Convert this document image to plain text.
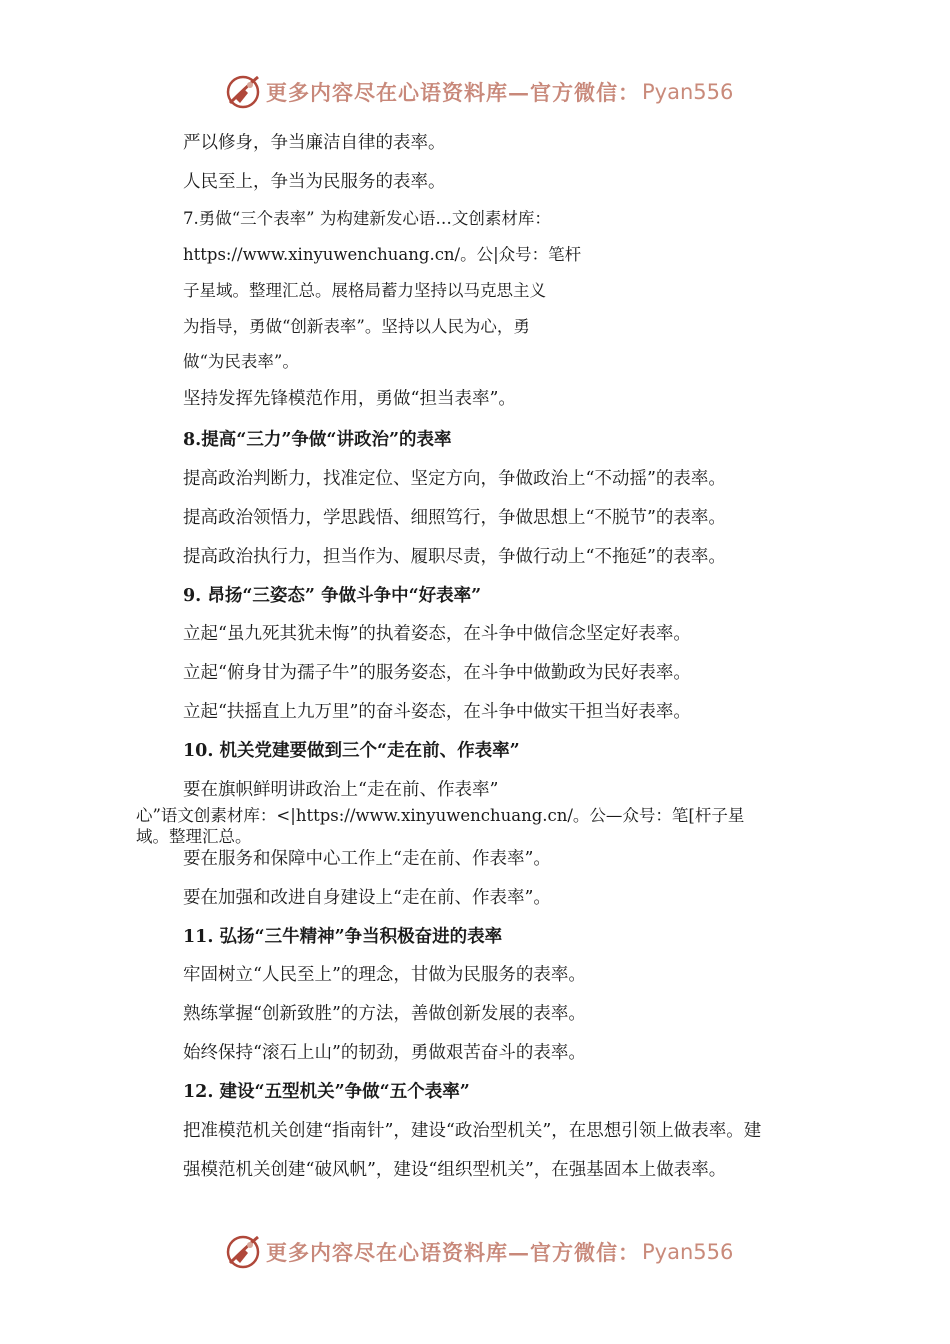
更多内容尽在心语资料库—官方微信： Pyan556
严以修身，争当廉洁自律的表率。
人民至上，争当为民服务的表率。
7.勇做“三个表率” 为构建新发心语…文创素材库：
https://www.xinyuwenchuang.cn/。公|众号：笔杆
子星域。整理汇总。展格局蓄力坚持以马克思主义
为指导，勇做“创新表率”。坚持以人民为心，勇
做“为民表率”。
坚持发挥先锋模范作用，勇做“担当表率”。
8.提高“三力”争做“讲政治”的表率
提高政治判断力，找准定位、坚定方向，争做政治上“不动摇”的表率。
提高政治领悟力，学思践悟、细照笃行，争做思想上“不脱节”的表率。
提高政治执行力，担当作为、履职尽责，争做行动上“不拖延”的表率。
9. 昂扬“三姿态” 争做斗争中“好表率”
立起“虽九死其犹未悔”的执着姿态，在斗争中做信念坚定好表率。
立起“俯身甘为孺子牛”的服务姿态，在斗争中做勤政为民好表率。
立起“扶摇直上九万里”的奋斗姿态，在斗争中做实干担当好表率。
10. 机关党建要做到三个“走在前、作表率”
要在旗帜鲜明讲政治上“走在前、作表率”
心”语文创素材库：<|https://www.xinyuwenchuang.cn/。公—众号：笔[杆子星
域。整理汇总。
要在服务和保障中心工作上“走在前、作表率”。
要在加强和改进自身建设上“走在前、作表率”。
11. 弘扬“三牛精神”争当积极奋进的表率
牢固树立“人民至上”的理念，甘做为民服务的表率。
熟练掌握“创新致胜”的方法，善做创新发展的表率。
始终保持“滚石上山”的韧劲，勇做艰苦奋斗的表率。
12. 建设“五型机关”争做“五个表率”
把准模范机关创建“指南针”，建设“政治型机关”，在思想引领上做表率。建
强模范机关创建“破风帆”，建设“组织型机关”，在强基固本上做表率。
更多内容尽在心语资料库—官方微信： Pyan556
